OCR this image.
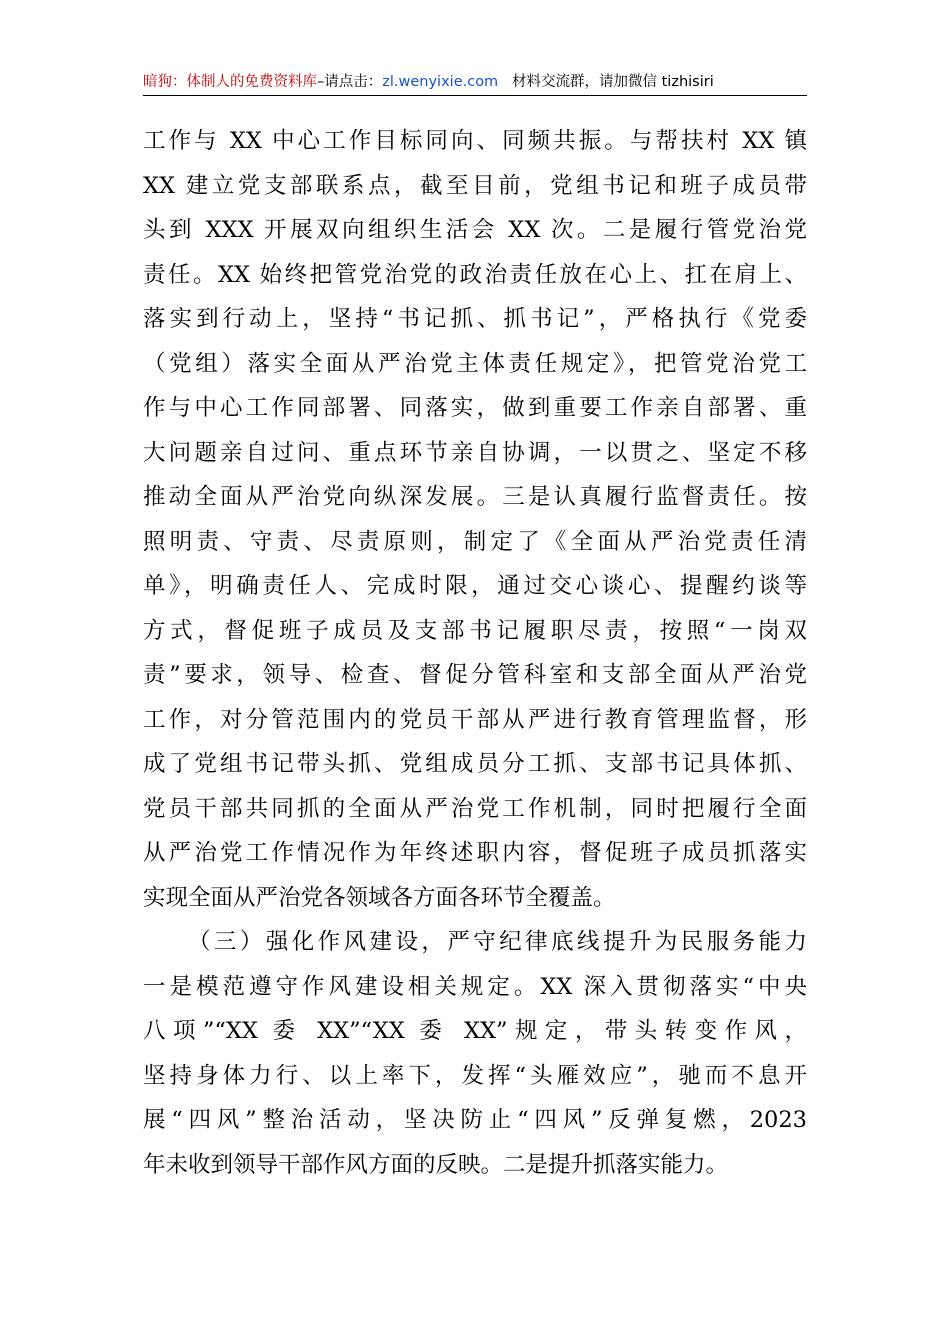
暗狗：体制人的免费资料库–请点击：zl.wenyixie.com 材料交流群，请加微信 tizhisiri
工作与 XX 中心工作目标同向、同频共振。与帮扶村 XX 镇
XX 建立党支部联系点，截至目前，党组书记和班子成员带
头到 XXX 开展双向组织生活会 XX 次。二是履行管党治党
责任。XX 始终把管党治党的政治责任放在心上、扛在肩上、
落实到行动上，坚持“书记抓、抓书记”，严格执行《党委
（党组）落实全面从严治党主体责任规定》，把管党治党工
作与中心工作同部署、同落实，做到重要工作亲自部署、重
大问题亲自过问、重点环节亲自协调，一以贯之、坚定不移
推动全面从严治党向纵深发展。三是认真履行监督责任。按
照明责、守责、尽责原则，制定了《全面从严治党责任清
单》，明确责任人、完成时限，通过交心谈心、提醒约谈等
方式，督促班子成员及支部书记履职尽责，按照“一岗双
责”要求，领导、检查、督促分管科室和支部全面从严治党
工作，对分管范围内的党员干部从严进行教育管理监督，形
成了党组书记带头抓、党组成员分工抓、支部书记具体抓、
党员干部共同抓的全面从严治党工作机制，同时把履行全面
从严治党工作情况作为年终述职内容，督促班子成员抓落实
实现全面从严治党各领域各方面各环节全覆盖。
（三）强化作风建设，严守纪律底线提升为民服务能力
一是模范遵守作风建设相关规定。XX 深入贯彻落实“中央
八项”“XX 委 XX”“XX 委 XX”规定，带头转变作风，
坚持身体力行、以上率下，发挥“头雁效应”，驰而不息开
展“四风”整治活动，坚决防止“四风”反弹复燃，2023
年未收到领导干部作风方面的反映。二是提升抓落实能力。
